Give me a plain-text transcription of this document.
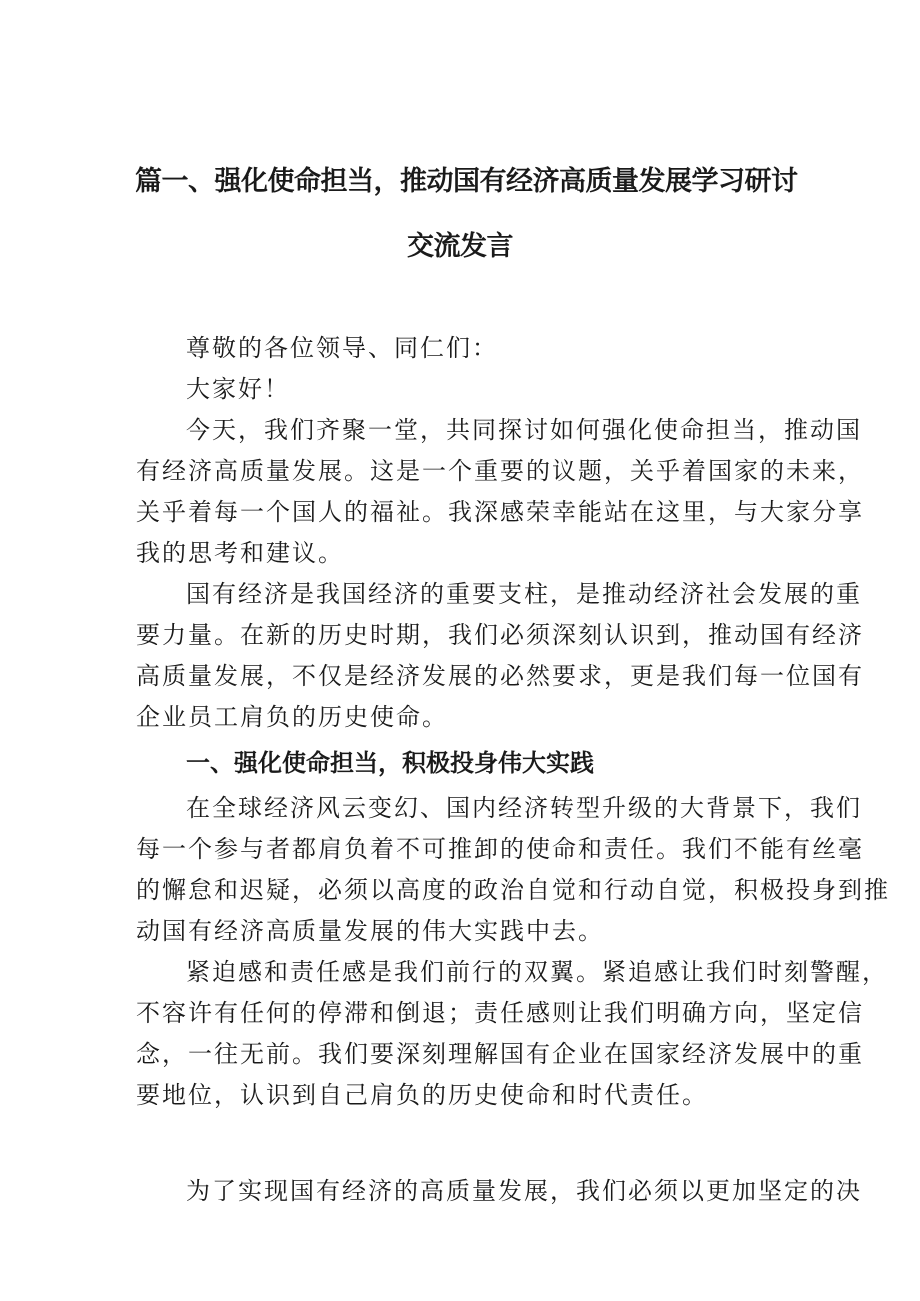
篇一、强化使命担当，推动国有经济高质量发展学习研讨
交流发言
尊敬的各位领导、同仁们：
大家好！
今天，我们齐聚一堂，共同探讨如何强化使命担当，推动国
有经济高质量发展。这是一个重要的议题，关乎着国家的未来，
关乎着每一个国人的福祉。我深感荣幸能站在这里，与大家分享
我的思考和建议。
国有经济是我国经济的重要支柱，是推动经济社会发展的重
要力量。在新的历史时期，我们必须深刻认识到，推动国有经济
高质量发展，不仅是经济发展的必然要求，更是我们每一位国有
企业员工肩负的历史使命。
一、强化使命担当，积极投身伟大实践
在全球经济风云变幻、国内经济转型升级的大背景下，我们
每一个参与者都肩负着不可推卸的使命和责任。我们不能有丝毫
的懈怠和迟疑，必须以高度的政治自觉和行动自觉，积极投身到推
动国有经济高质量发展的伟大实践中去。
紧迫感和责任感是我们前行的双翼。紧追感让我们时刻警醒，
不容许有任何的停滞和倒退；责任感则让我们明确方向，坚定信
念，一往无前。我们要深刻理解国有企业在国家经济发展中的重
要地位，认识到自己肩负的历史使命和时代责任。
为了实现国有经济的高质量发展，我们必须以更加坚定的决
